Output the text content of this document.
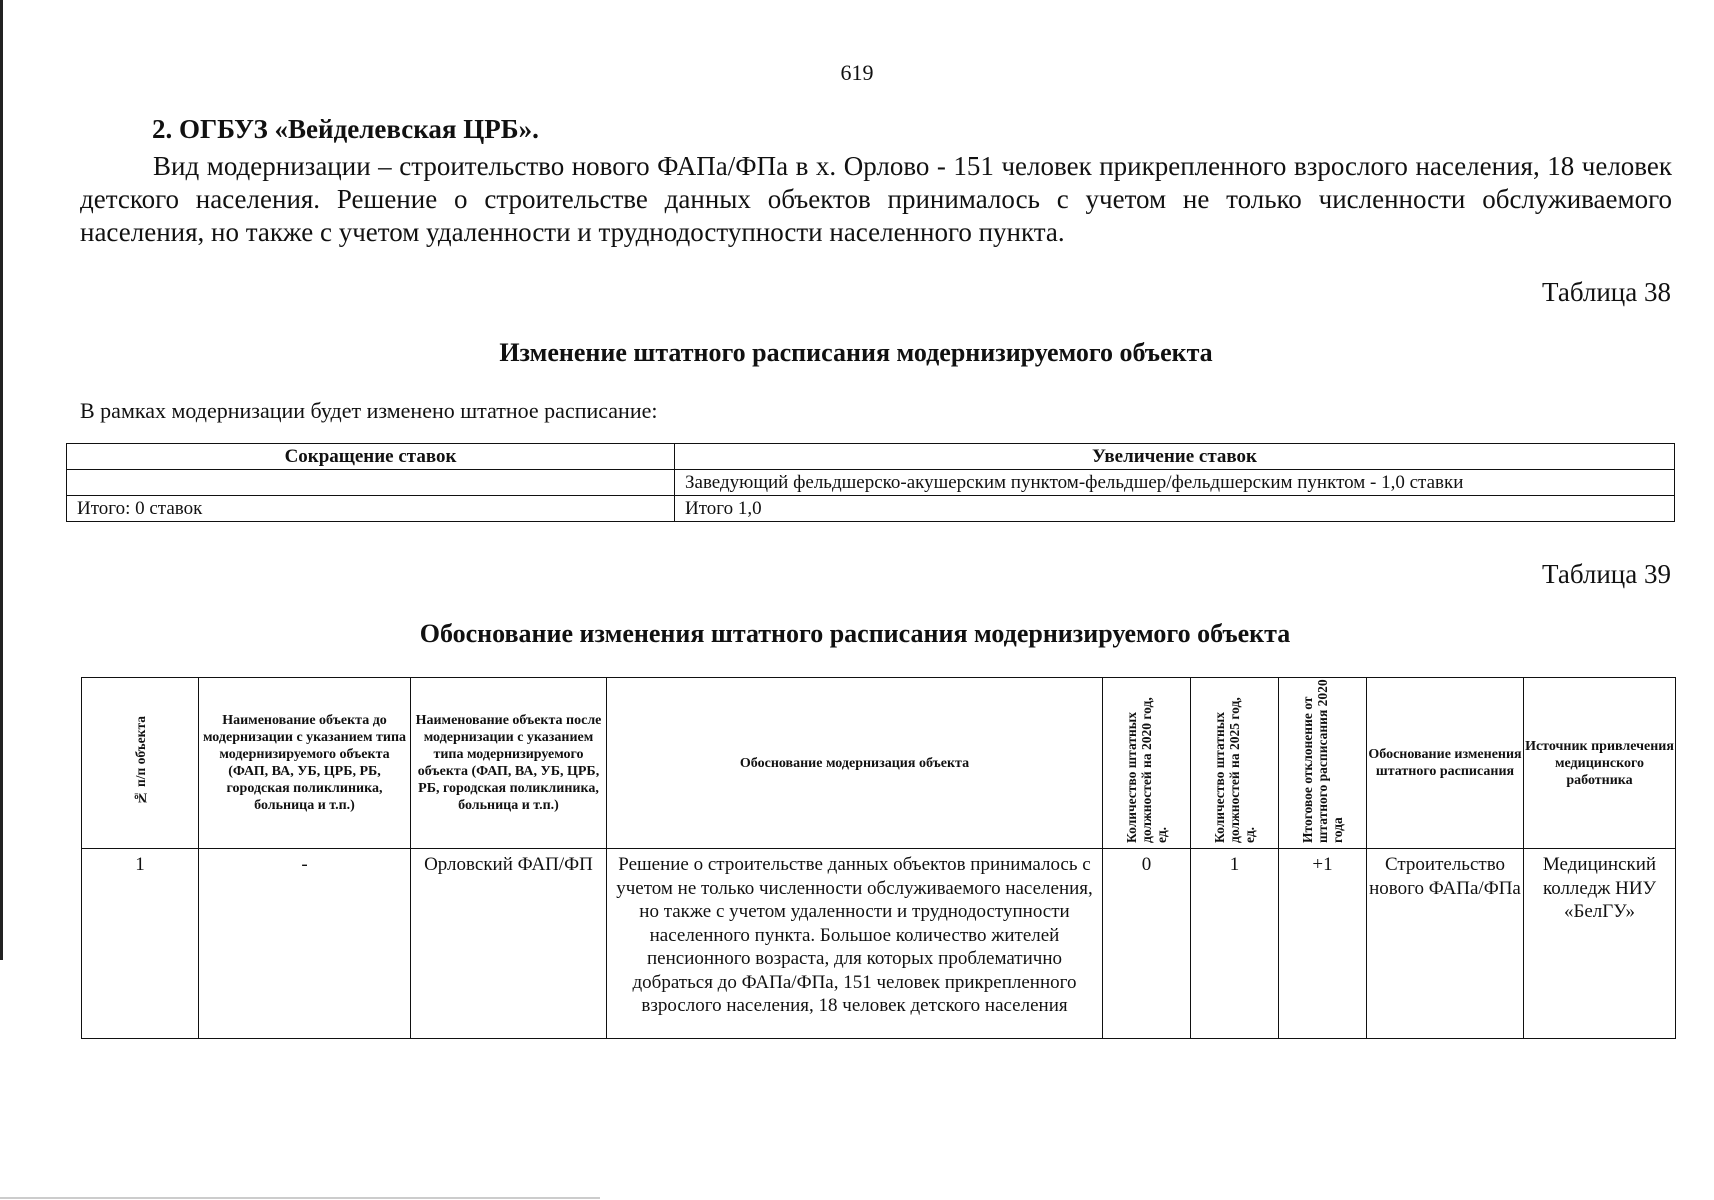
619
2. ОГБУЗ «Вейделевская ЦРБ».
Вид модернизации – строительство нового ФАПа/ФПа в х. Орлово - 151 человек прикрепленного взрослого населения, 18 человек детского населения. Решение о строительстве данных объектов принималось с учетом не только численности обслуживаемого населения, но также с учетом удаленности и труднодоступности населенного пункта.
Таблица 38
Изменение штатного расписания модернизируемого объекта
В рамках модернизации будет изменено штатное расписание:
Сокращение ставок	Увеличение ставок
	Заведующий фельдшерско-акушерским пунктом-фельдшер/фельдшерским пунктом - 1,0 ставки
Итого: 0 ставок	Итого 1,0
Таблица 39
Обоснование изменения штатного расписания модернизируемого объекта
№ п/п объекта	Наименование объекта до модернизации с указанием типа модернизируемого объекта (ФАП, ВА, УБ, ЦРБ, РБ, городская поликлиника, больница и т.п.)	Наименование объекта после модернизации с указанием типа модернизируемого объекта (ФАП, ВА, УБ, ЦРБ, РБ, городская поликлиника, больница и т.п.)	Обоснование модернизация объекта	Количество штатных должностей на 2020 год, ед.	Количество штатных должностей на 2025 год, ед.	Итоговое отклонение от штатного расписания 2020 года	Обоснование изменения штатного расписания	Источник привлечения медицинского работника
1	-	Орловский ФАП/ФП	Решение о строительстве данных объектов принималось с учетом не только численности обслуживаемого населения, но также с учетом удаленности и труднодоступности населенного пункта. Большое количество жителей пенсионного возраста, для которых проблематично добраться до ФАПа/ФПа, 151 человек прикрепленного взрослого населения, 18 человек детского населения	0	1	+1	Строительство нового ФАПа/ФПа	Медицинский колледж НИУ «БелГУ»
